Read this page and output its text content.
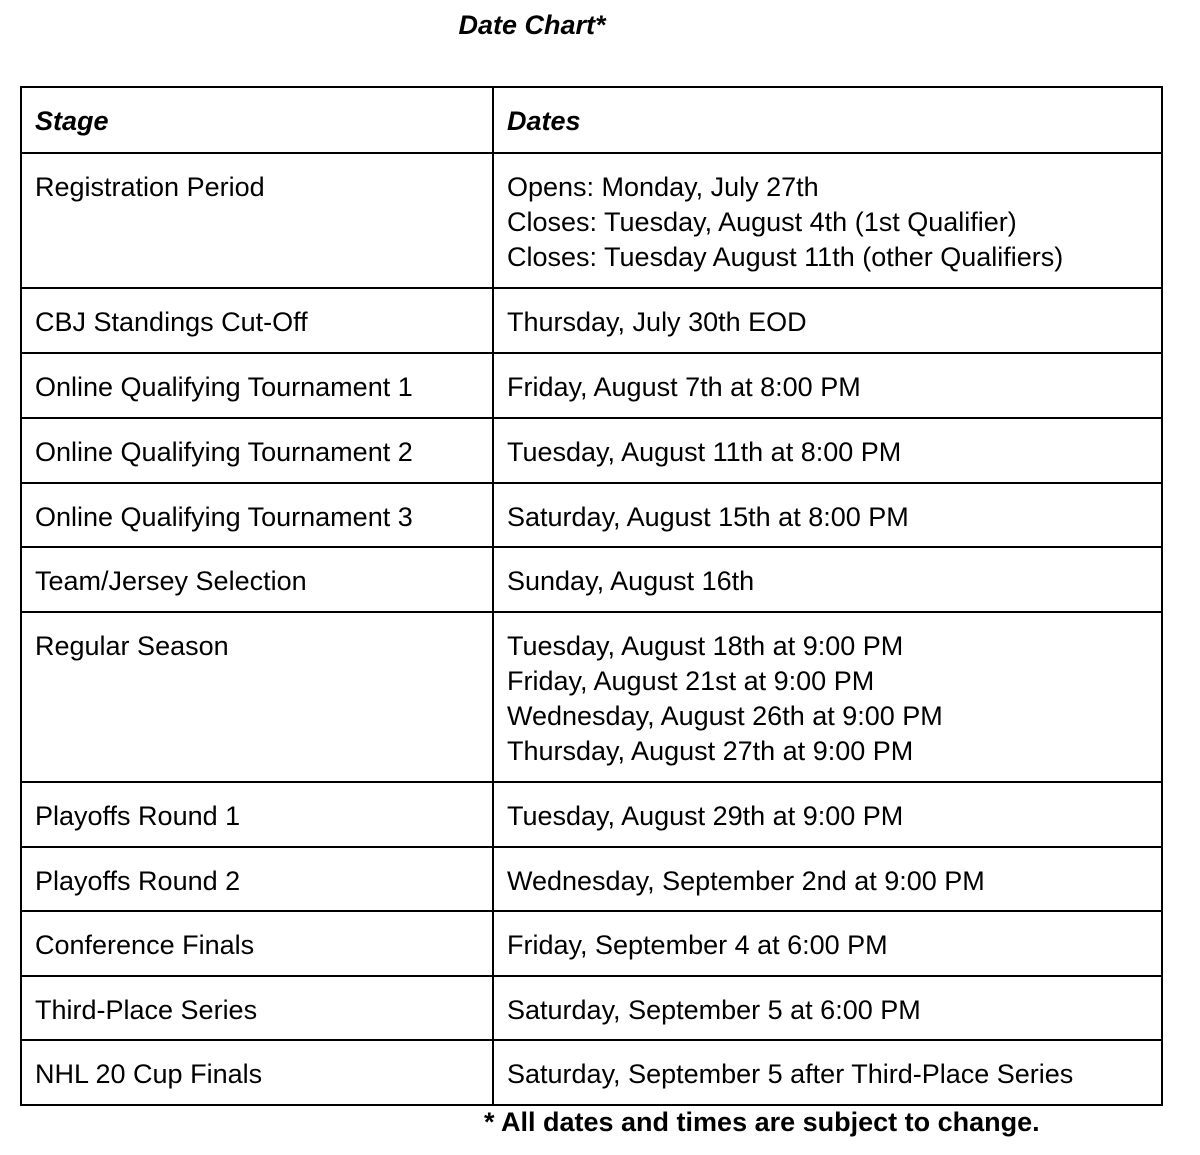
Date Chart*
Stage	Dates
Registration Period	Opens: Monday, July 27th
Closes: Tuesday, August 4th (1st Qualifier)
Closes: Tuesday August 11th (other Qualifiers)

CBJ Standings Cut-Off	Thursday, July 30th EOD

Online Qualifying Tournament 1	Friday, August 7th at 8:00 PM

Online Qualifying Tournament 2	Tuesday, August 11th at 8:00 PM

Online Qualifying Tournament 3	Saturday, August 15th at 8:00 PM

Team/Jersey Selection	Sunday, August 16th

Regular Season	Tuesday, August 18th at 9:00 PM
Friday, August 21st at 9:00 PM
Wednesday, August 26th at 9:00 PM
Thursday, August 27th at 9:00 PM

Playoffs Round 1	Tuesday, August 29th at 9:00 PM

Playoffs Round 2	Wednesday, September 2nd at 9:00 PM

Conference Finals	Friday, September 4 at 6:00 PM

Third-Place Series	Saturday, September 5 at 6:00 PM

NHL 20 Cup Finals	Saturday, September 5 after Third-Place Series
* All dates and times are subject to change.
